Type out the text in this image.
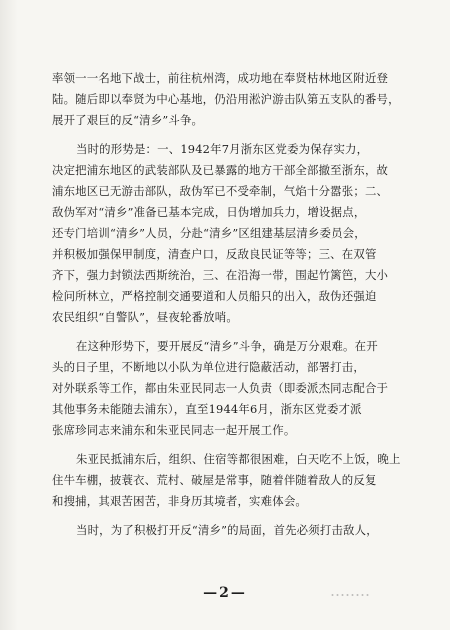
率领一一名地下战士，前往杭州湾，成功地在奉贤枯林地区附近登
陆。随后即以奉贤为中心基地，仍沿用淞沪游击队第五支队的番号，
展开了艰巨的反“清乡”斗争。
当时的形势是：一、1942年7月浙东区党委为保存实力，
决定把浦东地区的武装部队及已暴露的地方干部全部撤至浙东，故
浦东地区已无游击部队，敌伪军已不受牵制，气焰十分嚣张；二、
敌伪军对“清乡”准备已基本完成，日伪增加兵力，增设据点，
还专门培训“清乡”人员，分赴“清乡”区组建基层清乡委员会，
并积极加强保甲制度，清查户口，反敌良民证等等；三、在双管
齐下，强力封锁法西斯统治，三、在沿海一带，围起竹篱笆，大小
检问所林立，严格控制交通要道和人员船只的出入，敌伪还强迫
农民组织“自警队”，昼夜轮番放哨。
在这种形势下，要开展反“清乡”斗争，确是万分艰难。在开
头的日子里，不断地以小队为单位进行隐蔽活动，部署打击，
对外联系等工作，都由朱亚民同志一人负责（即委派杰同志配合于
其他事务未能随去浦东），直至1944年6月，浙东区党委才派
张席珍同志来浦东和朱亚民同志一起开展工作。
朱亚民抵浦东后，组织、住宿等都很困难，白天吃不上饭，晚上
住牛车棚，披蓑衣、荒村、破屋是常事，随着伴随着敌人的反复
和搜捕，其艰苦困苦，非身历其境者，实难体会。
当时，为了积极打开反“清乡”的局面，首先必须打击敌人，
—2—
